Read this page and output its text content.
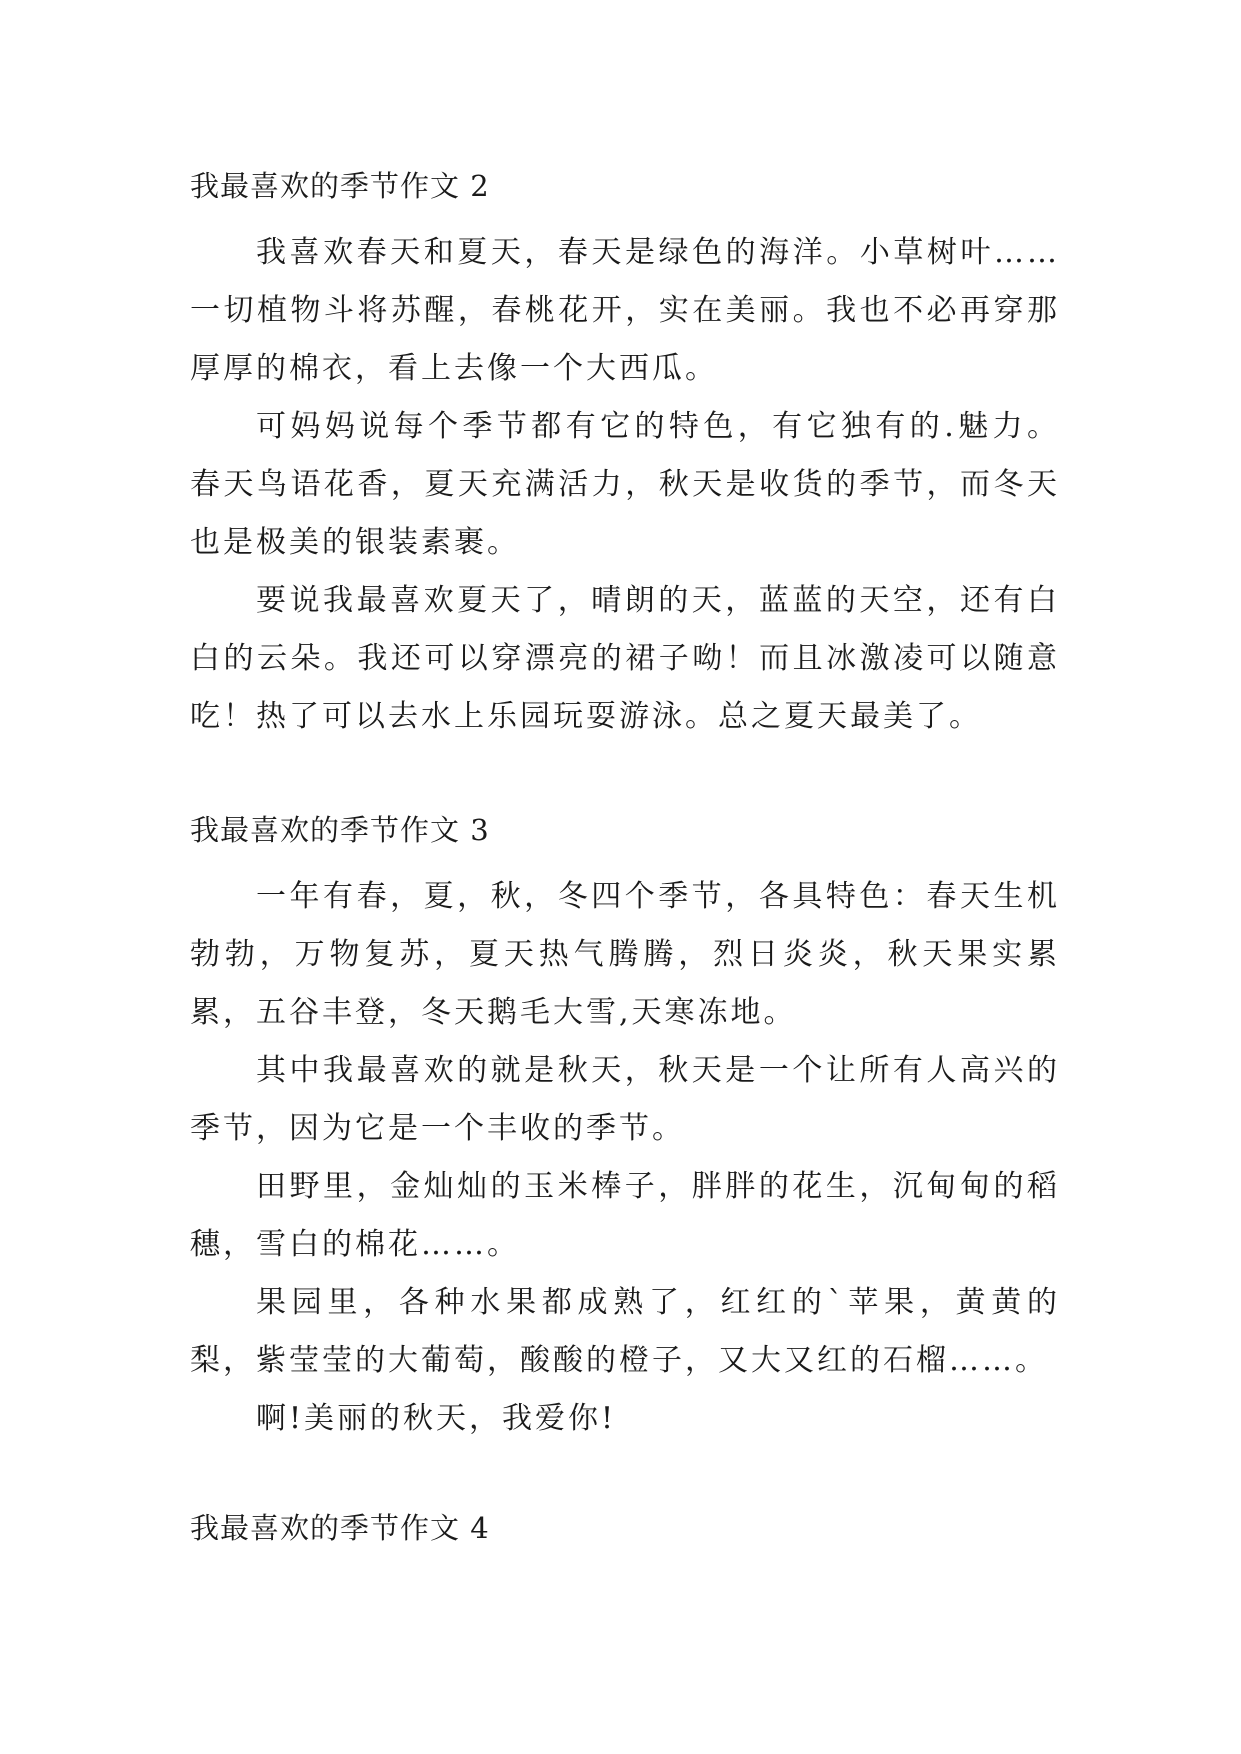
我最喜欢的季节作文 2

我喜欢春天和夏天，春天是绿色的海洋。小草树叶……一切植物斗将苏醒，春桃花开，实在美丽。我也不必再穿那厚厚的棉衣，看上去像一个大西瓜。

可妈妈说每个季节都有它的特色，有它独有的.魅力。春天鸟语花香，夏天充满活力，秋天是收货的季节，而冬天也是极美的银装素裹。

要说我最喜欢夏天了，晴朗的天，蓝蓝的天空，还有白白的云朵。我还可以穿漂亮的裙子呦！而且冰激凌可以随意吃！热了可以去水上乐园玩耍游泳。总之夏天最美了。

我最喜欢的季节作文 3

一年有春，夏，秋，冬四个季节，各具特色：春天生机勃勃，万物复苏，夏天热气腾腾，烈日炎炎，秋天果实累累，五谷丰登，冬天鹅毛大雪,天寒冻地。

其中我最喜欢的就是秋天，秋天是一个让所有人高兴的季节，因为它是一个丰收的季节。

田野里，金灿灿的玉米棒子，胖胖的花生，沉甸甸的稻穗，雪白的棉花……。

果园里，各种水果都成熟了，红红的`苹果，黄黄的梨，紫莹莹的大葡萄，酸酸的橙子，又大又红的石榴……。

啊!美丽的秋天，我爱你!

我最喜欢的季节作文 4
